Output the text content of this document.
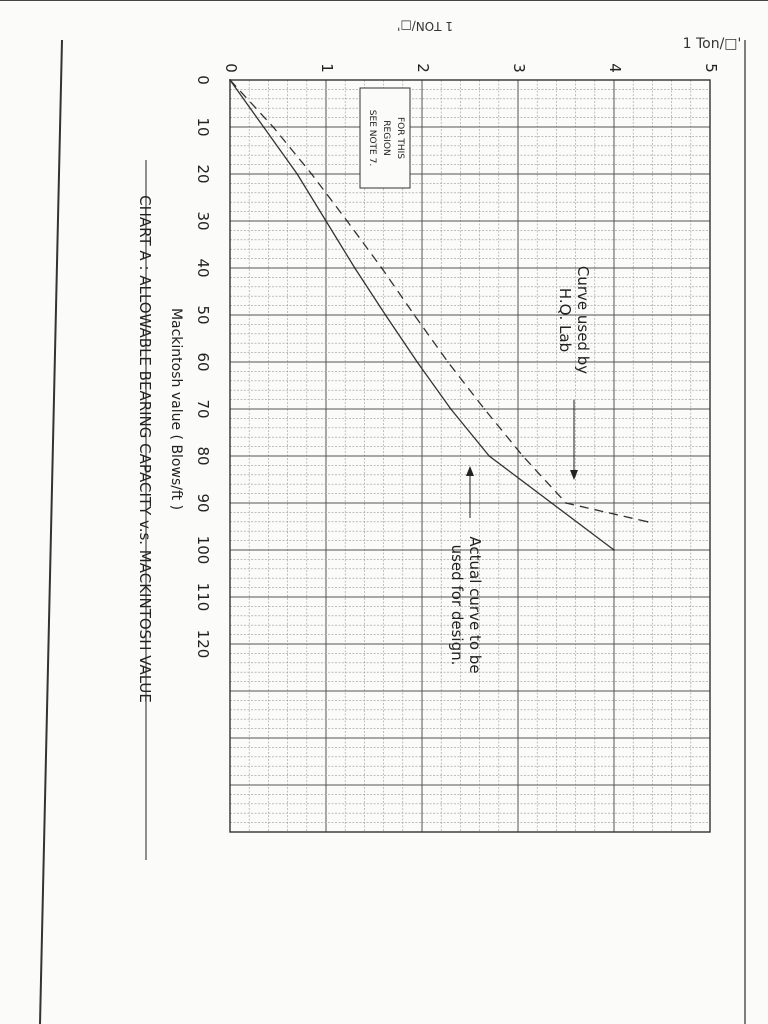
0	1	2	3	4	5
0
10
20
30
40
50
60
70
80
90
100
110
120
Mackintosh value ( Blows/ft )
CHART A : ALLOWABLE BEARING CAPACITY v.s. MACKINTOSH VALUE
FOR THIS
REGION
SEE NOTE 7.
Curve used by
H.Q. Lab
Actual curve to be
used for design.
1 TON/□'
1 Ton/□'
